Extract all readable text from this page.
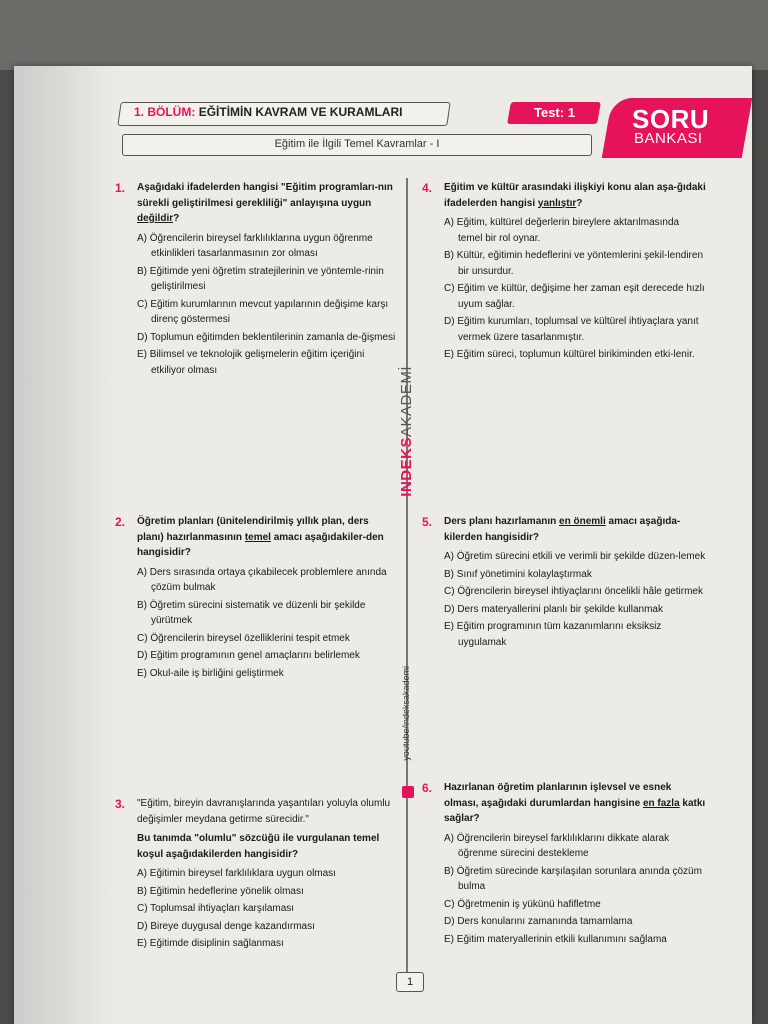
1. BÖLÜM: EĞİTİMİN KAVRAM VE KURAMLARI	Test: 1	SORU
BANKASI
Eğitim ile İlgili Temel Kavramlar - I
INDEKSAKADEMİ
youtube/indeksakademi
1. Aşağıdaki ifadelerden hangisi "Eğitim programları-nın sürekli geliştirilmesi gerekliliği" anlayışına uygun değildir?
A) Öğrencilerin bireysel farklılıklarına uygun öğrenme etkinlikleri tasarlanmasının zor olması
B) Eğitimde yeni öğretim stratejilerinin ve yöntemle-rinin geliştirilmesi
C) Eğitim kurumlarının mevcut yapılarının değişime karşı direnç göstermesi
D) Toplumun eğitimden beklentilerinin zamanla de-ğişmesi
E) Bilimsel ve teknolojik gelişmelerin eğitim içeriğini etkiliyor olması
2. Öğretim planları (ünitelendirilmiş yıllık plan, ders planı) hazırlanmasının temel amacı aşağıdakiler-den hangisidir?
A) Ders sırasında ortaya çıkabilecek problemlere anında çözüm bulmak
B) Öğretim sürecini sistematik ve düzenli bir şekilde yürütmek
C) Öğrencilerin bireysel özelliklerini tespit etmek
D) Eğitim programının genel amaçlarını belirlemek
E) Okul-aile iş birliğini geliştirmek
3. "Eğitim, bireyin davranışlarında yaşantıları yoluyla olumlu değişimler meydana getirme sürecidir."
Bu tanımda "olumlu" sözcüğü ile vurgulanan temel koşul aşağıdakilerden hangisidir?
A) Eğitimin bireysel farklılıklara uygun olması
B) Eğitimin hedeflerine yönelik olması
C) Toplumsal ihtiyaçları karşılaması
D) Bireye duygusal denge kazandırması
E) Eğitimde disiplinin sağlanması
4. Eğitim ve kültür arasındaki ilişkiyi konu alan aşa-ğıdaki ifadelerden hangisi yanlıştır?
A) Eğitim, kültürel değerlerin bireylere aktarılmasında temel bir rol oynar.
B) Kültür, eğitimin hedeflerini ve yöntemlerini şekil-lendiren bir unsurdur.
C) Eğitim ve kültür, değişime her zaman eşit derecede hızlı uyum sağlar.
D) Eğitim kurumları, toplumsal ve kültürel ihtiyaçlara yanıt vermek üzere tasarlanmıştır.
E) Eğitim süreci, toplumun kültürel birikiminden etki-lenir.
5. Ders planı hazırlamanın en önemli amacı aşağıda-kilerden hangisidir?
A) Öğretim sürecini etkili ve verimli bir şekilde düzen-lemek
B) Sınıf yönetimini kolaylaştırmak
C) Öğrencilerin bireysel ihtiyaçlarını öncelikli hâle getirmek
D) Ders materyallerini planlı bir şekilde kullanmak
E) Eğitim programının tüm kazanımlarını eksiksiz uygulamak
6. Hazırlanan öğretim planlarının işlevsel ve esnek olması, aşağıdaki durumlardan hangisine en fazla katkı sağlar?
A) Öğrencilerin bireysel farklılıklarını dikkate alarak öğrenme sürecini destekleme
B) Öğretim sürecinde karşılaşılan sorunlara anında çözüm bulma
C) Öğretmenin iş yükünü hafifletme
D) Ders konularını zamanında tamamlama
E) Eğitim materyallerinin etkili kullanımını sağlama
1
